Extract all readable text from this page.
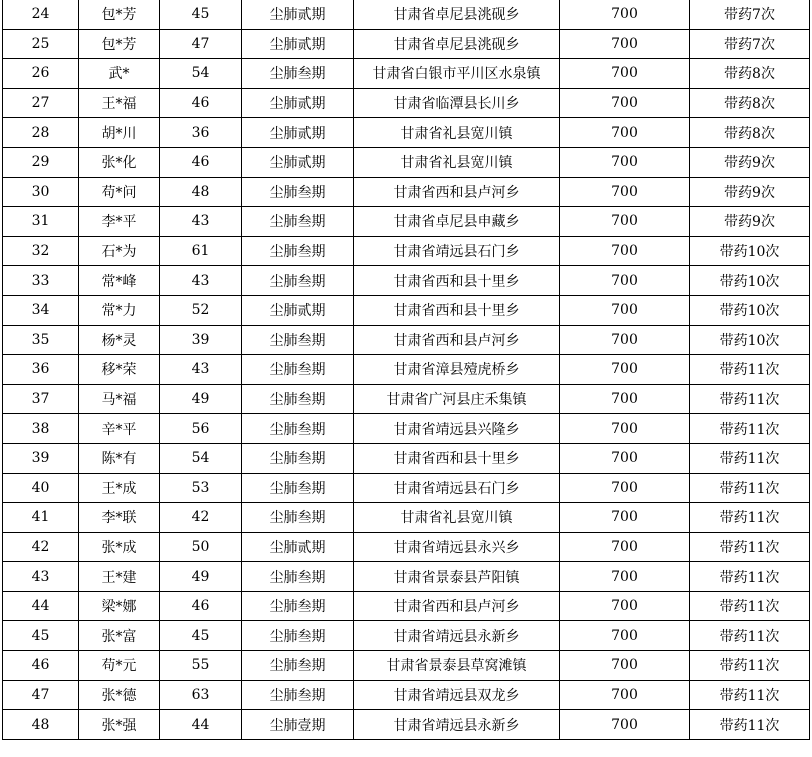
24	包*芳	45	尘肺贰期	甘肃省卓尼县洮砚乡	700	带药7次
25	包*芳	47	尘肺贰期	甘肃省卓尼县洮砚乡	700	带药7次
26	武*	54	尘肺叁期	甘肃省白银市平川区水泉镇	700	带药8次
27	王*福	46	尘肺贰期	甘肃省临潭县长川乡	700	带药8次
28	胡*川	36	尘肺贰期	甘肃省礼县宽川镇	700	带药8次
29	张*化	46	尘肺贰期	甘肃省礼县宽川镇	700	带药9次
30	苟*问	48	尘肺叁期	甘肃省西和县卢河乡	700	带药9次
31	李*平	43	尘肺叁期	甘肃省卓尼县申藏乡	700	带药9次
32	石*为	61	尘肺叁期	甘肃省靖远县石门乡	700	带药10次
33	常*峰	43	尘肺叁期	甘肃省西和县十里乡	700	带药10次
34	常*力	52	尘肺贰期	甘肃省西和县十里乡	700	带药10次
35	杨*灵	39	尘肺叁期	甘肃省西和县卢河乡	700	带药10次
36	移*荣	43	尘肺叁期	甘肃省漳县殪虎桥乡	700	带药11次
37	马*福	49	尘肺叁期	甘肃省广河县庄禾集镇	700	带药11次
38	辛*平	56	尘肺叁期	甘肃省靖远县兴隆乡	700	带药11次
39	陈*有	54	尘肺叁期	甘肃省西和县十里乡	700	带药11次
40	王*成	53	尘肺叁期	甘肃省靖远县石门乡	700	带药11次
41	李*联	42	尘肺叁期	甘肃省礼县宽川镇	700	带药11次
42	张*成	50	尘肺贰期	甘肃省靖远县永兴乡	700	带药11次
43	王*建	49	尘肺叁期	甘肃省景泰县芦阳镇	700	带药11次
44	梁*娜	46	尘肺叁期	甘肃省西和县卢河乡	700	带药11次
45	张*富	45	尘肺叁期	甘肃省靖远县永新乡	700	带药11次
46	苟*元	55	尘肺叁期	甘肃省景泰县草窝滩镇	700	带药11次
47	张*德	63	尘肺叁期	甘肃省靖远县双龙乡	700	带药11次
48	张*强	44	尘肺壹期	甘肃省靖远县永新乡	700	带药11次
